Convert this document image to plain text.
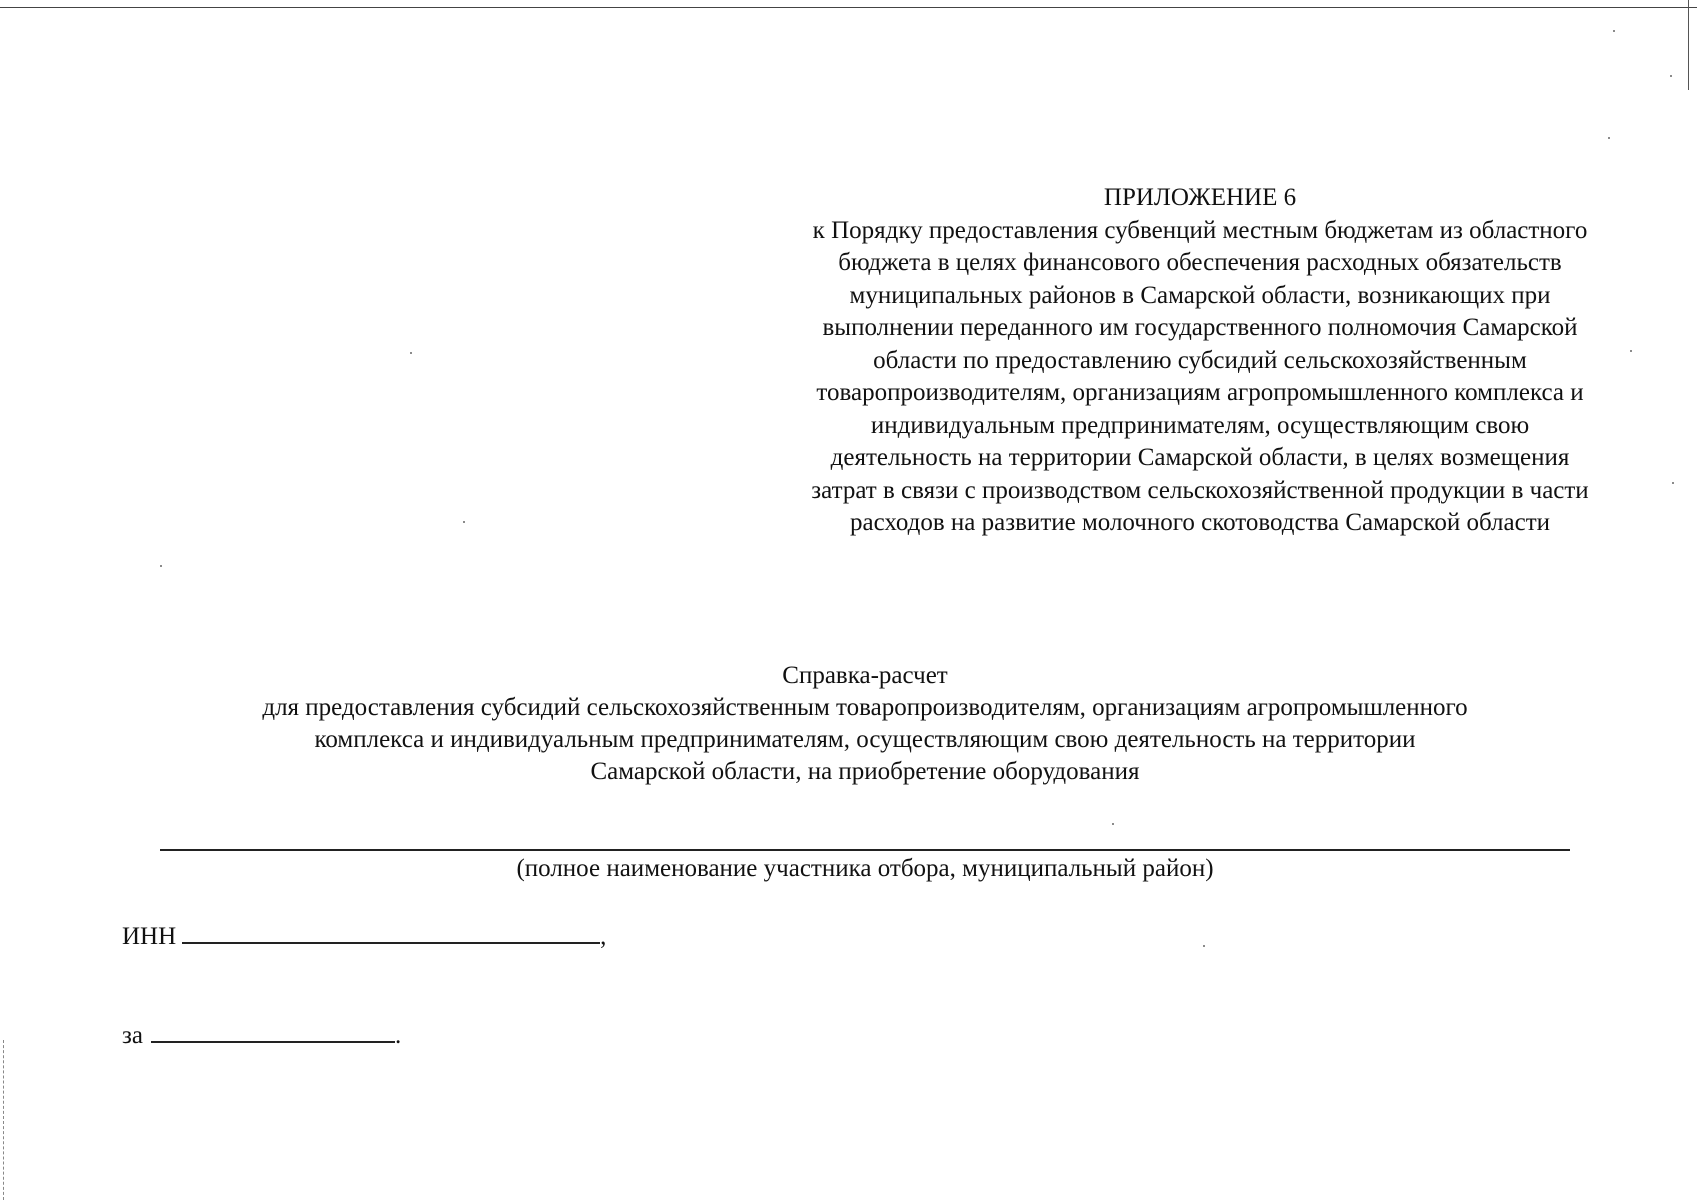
ПРИЛОЖЕНИЕ 6
к Порядку предоставления субвенций местным бюджетам из областного бюджета в целях финансового обеспечения расходных обязательств муниципальных районов в Самарской области, возникающих при выполнении переданного им государственного полномочия Самарской области по предоставлению субсидий сельскохозяйственным товаропроизводителям, организациям агропромышленного комплекса и индивидуальным предпринимателям, осуществляющим свою деятельность на территории Самарской области, в целях возмещения затрат в связи с производством сельскохозяйственной продукции в части расходов на развитие молочного скотоводства Самарской области
Справка-расчет
для предоставления субсидий сельскохозяйственным товаропроизводителям, организациям агропромышленного
комплекса и индивидуальным предпринимателям, осуществляющим свою деятельность на территории
Самарской области, на приобретение оборудования
(полное наименование участника отбора, муниципальный район)
ИНН	,
за	.
